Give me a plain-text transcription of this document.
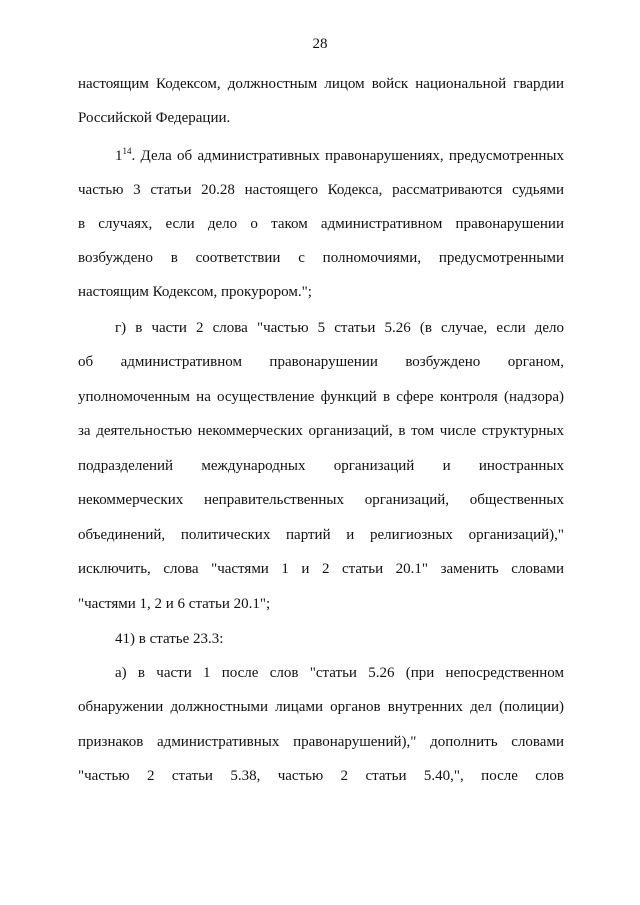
28
настоящим Кодексом, должностным лицом войск национальной гвардии
Российской Федерации.
$1^{14}$. Дела об административных правонарушениях, предусмотренных
частью 3 статьи 20.28 настоящего Кодекса, рассматриваются судьями
в случаях, если дело о таком административном правонарушении
возбуждено в соответствии с полномочиями, предусмотренными
настоящим Кодексом, прокурором.";
г) в части 2 слова "частью 5 статьи 5.26 (в случае, если дело
об административном правонарушении возбуждено органом,
уполномоченным на осуществление функций в сфере контроля (надзора)
за деятельностью некоммерческих организаций, в том числе структурных
подразделений международных организаций и иностранных
некоммерческих неправительственных организаций, общественных
объединений, политических партий и религиозных организаций),"
исключить, слова "частями 1 и 2 статьи 20.1" заменить словами
"частями 1, 2 и 6 статьи 20.1";
41) в статье 23.3:
а) в части 1 после слов "статьи 5.26 (при непосредственном
обнаружении должностными лицами органов внутренних дел (полиции)
признаков административных правонарушений)," дополнить словами
"частью 2 статьи 5.38, частью 2 статьи 5.40,", после слов
